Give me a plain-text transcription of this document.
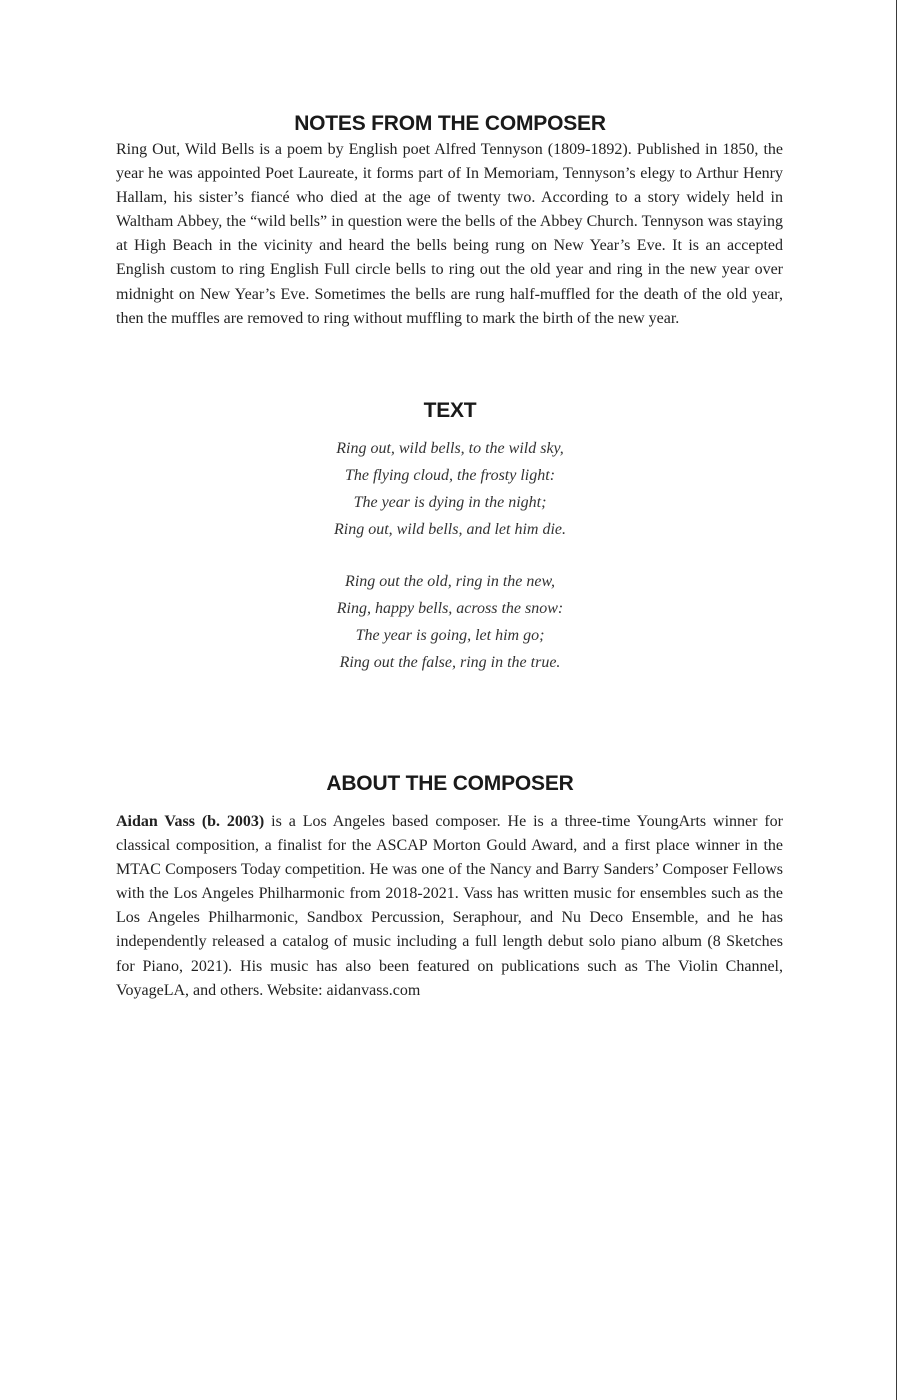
NOTES FROM THE COMPOSER

Ring Out, Wild Bells is a poem by English poet Alfred Tennyson (1809-1892). Published in 1850, the year he was appointed Poet Laureate, it forms part of In Memoriam, Tennyson’s elegy to Arthur Henry Hallam, his sister’s fiancé who died at the age of twenty two. According to a story widely held in Waltham Abbey, the “wild bells” in question were the bells of the Abbey Church. Tennyson was staying at High Beach in the vicinity and heard the bells being rung on New Year’s Eve. It is an accepted English custom to ring English Full circle bells to ring out the old year and ring in the new year over midnight on New Year’s Eve. Sometimes the bells are rung half-muffled for the death of the old year, then the muffles are removed to ring without muffling to mark the birth of the new year.

TEXT
Ring out, wild bells, to the wild sky,
The flying cloud, the frosty light:
The year is dying in the night;
Ring out, wild bells, and let him die.
Ring out the old, ring in the new,
Ring, happy bells, across the snow:
The year is going, let him go;
Ring out the false, ring in the true.
ABOUT THE COMPOSER

Aidan Vass (b. 2003) is a Los Angeles based composer. He is a three-time YoungArts winner for classical composition, a finalist for the ASCAP Morton Gould Award, and a first place winner in the MTAC Composers Today competition. He was one of the Nancy and Barry Sanders’ Composer Fellows with the Los Angeles Philharmonic from 2018-2021. Vass has written music for ensembles such as the Los Angeles Philharmonic, Sandbox Percussion, Seraphour, and Nu Deco Ensemble, and he has independently released a catalog of music including a full length debut solo piano album (8 Sketches for Piano, 2021). His music has also been featured on publications such as The Violin Channel, VoyageLA, and others. Website: aidanvass.com
